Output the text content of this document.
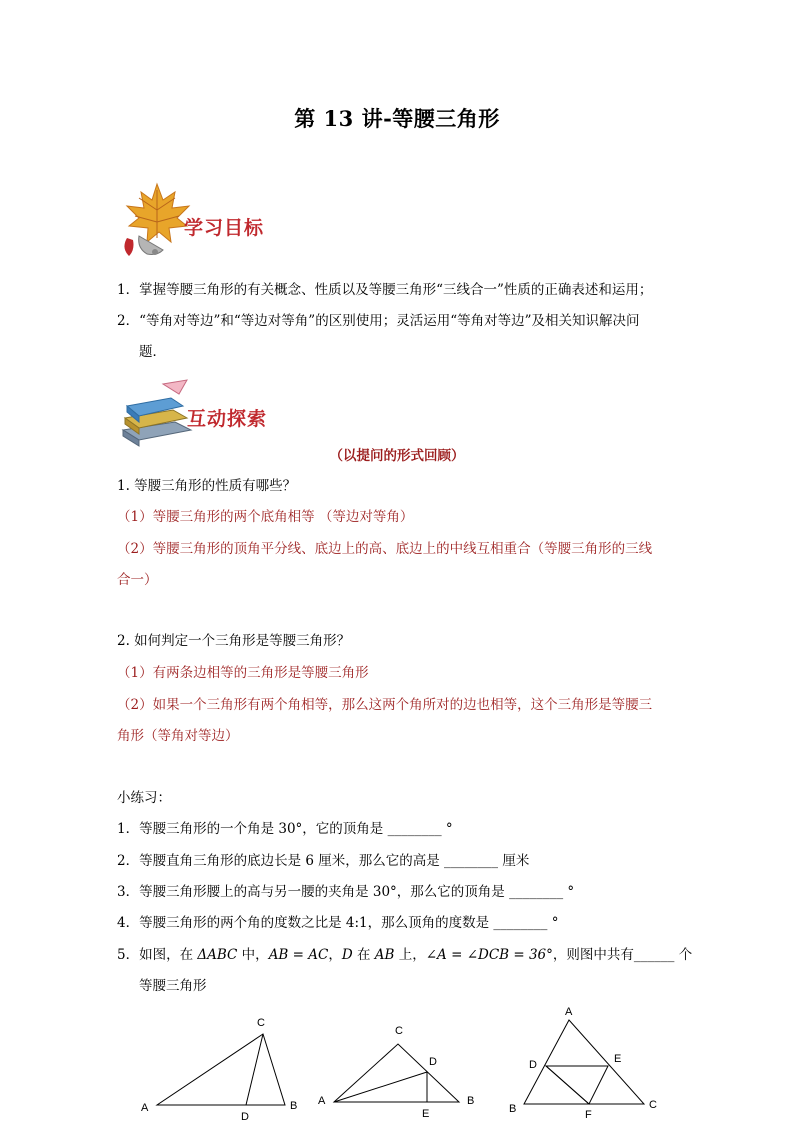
第 13 讲-等腰三角形
学习目标
1．掌握等腰三角形的有关概念、性质以及等腰三角形“三线合一”性质的正确表述和运用；
2．“等角对等边”和“等边对等角”的区别使用；灵活运用“等角对等边”及相关知识解决问
题．
互动探索
（以提问的形式回顾）
1. 等腰三角形的性质有哪些？
（1）等腰三角形的两个底角相等 （等边对等角）
（2）等腰三角形的顶角平分线、底边上的高、底边上的中线互相重合（等腰三角形的三线
合一）
2. 如何判定一个三角形是等腰三角形？
（1）有两条边相等的三角形是等腰三角形
（2）如果一个三角形有两个角相等，那么这两个角所对的边也相等，这个三角形是等腰三
角形（等角对等边）
小练习：
1．等腰三角形的一个角是 30°，它的顶角是 ________ °
2．等腰直角三角形的底边长是 6 厘米，那么它的高是 ________ 厘米
3．等腰三角形腰上的高与另一腰的夹角是 30°，那么它的顶角是 ________ °
4．等腰三角形的两个角的度数之比是 4:1，那么顶角的度数是 ________ °
5．如图，在 ΔABC 中，AB = AC，D 在 AB 上，∠A = ∠DCB = 36°，则图中共有______ 个
等腰三角形
A	B
C
D
A	B
C
D
E
A
B	C
D	E
F
